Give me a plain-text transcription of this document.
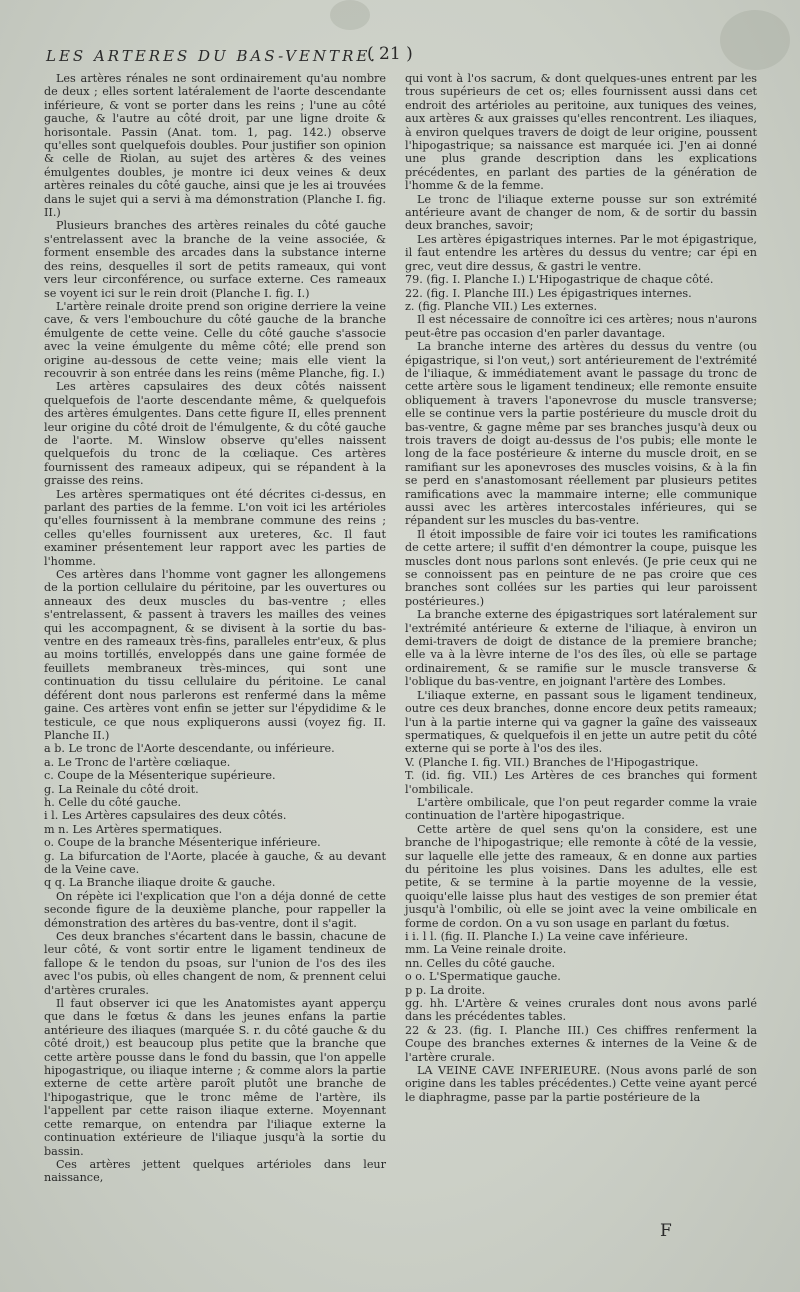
( 21 )
LES ARTERES DU BAS-VENTRE.

Les artères rénales ne sont ordinairement qu'au nombre de deux ; elles sortent latéralement de l'aorte descendante inférieure, & vont se porter dans les reins ; l'une au côté gauche, & l'autre au côté droit, par une ligne droite & horisontale. Passin (Anat. tom. 1, pag. 142.) observe qu'elles sont quelquefois doubles. Pour justifier son opinion & celle de Riolan, au sujet des artères & des veines émulgentes doubles, je montre ici deux veines & deux artères reinales du côté gauche, ainsi que je les ai trouvées dans le sujet qui a servi à ma démonstration (Planche I. fig. II.)

Plusieurs branches des artères reinales du côté gauche s'entrelassent avec la branche de la veine associée, & forment ensemble des arcades dans la substance interne des reins, desquelles il sort de petits rameaux, qui vont vers leur circonférence, ou surface externe. Ces rameaux se voyent ici sur le rein droit (Planche I. fig. I.)

L'artère reinale droite prend son origine derriere la veine cave, & vers l'embouchure du côté gauche de la branche émulgente de cette veine. Celle du côté gauche s'associe avec la veine émulgente du même côté; elle prend son origine au-dessous de cette veine; mais elle vient la recouvrir à son entrée dans les reins (même Planche, fig. I.)

Les artères capsulaires des deux côtés naissent quelquefois de l'aorte descendante même, & quelquefois des artères émulgentes. Dans cette figure II, elles prennent leur origine du côté droit de l'émulgente, & du côté gauche de l'aorte. M. Winslow observe qu'elles naissent quelquefois du tronc de la cœliaque. Ces artères fournissent des rameaux adipeux, qui se répandent à la graisse des reins.

Les artères spermatiques ont été décrites ci-dessus, en parlant des parties de la femme. L'on voit ici les artérioles qu'elles fournissent à la membrane commune des reins ; celles qu'elles fournissent aux ureteres, &c. Il faut examiner présentement leur rapport avec les parties de l'homme.

Ces artères dans l'homme vont gagner les allongemens de la portion cellulaire du péritoine, par les ouvertures ou anneaux des deux muscles du bas-ventre ; elles s'entrelassent, & passent à travers les mailles des veines qui les accompagnent, & se divisent à la sortie du bas-ventre en des rameaux très-fins, paralleles entr'eux, & plus au moins tortillés, enveloppés dans une gaine formée de feuillets membraneux très-minces, qui sont une continuation du tissu cellulaire du péritoine. Le canal déférent dont nous parlerons est renfermé dans la même gaine. Ces artères vont enfin se jetter sur l'épydidime & le testicule, ce que nous expliquerons aussi (voyez fig. II. Planche II.)

a b. Le tronc de l'Aorte descendante, ou inférieure.

a. Le Tronc de l'artère cœliaque.

c. Coupe de la Mésenterique supérieure.

g. La Reinale du côté droit.

h. Celle du côté gauche.

i l. Les Artères capsulaires des deux côtés.

m n. Les Artères spermatiques.

o. Coupe de la branche Mésenterique inférieure.

g. La bifurcation de l'Aorte, placée à gauche, & au devant de la Veine cave.

q q. La Branche iliaque droite & gauche.

On répète ici l'explication que l'on a déja donné de cette seconde figure de la deuxième planche, pour rappeller la démonstration des artères du bas-ventre, dont il s'agit.

Ces deux branches s'écartent dans le bassin, chacune de leur côté, & vont sortir entre le ligament tendineux de fallope & le tendon du psoas, sur l'union de l'os des iles avec l'os pubis, où elles changent de nom, & prennent celui d'artères crurales.

Il faut observer ici que les Anatomistes ayant apperçu que dans le fœtus & dans les jeunes enfans la partie antérieure des iliaques (marquée S. r. du côté gauche & du côté droit,) est beaucoup plus petite que la branche que cette artère pousse dans le fond du bassin, que l'on appelle hipogastrique, ou iliaque interne ; & comme alors la partie externe de cette artère paroît plutôt une branche de l'hipogastrique, que le tronc même de l'artère, ils l'appellent par cette raison iliaque externe. Moyennant cette remarque, on entendra par l'iliaque externe la continuation extérieure de l'iliaque jusqu'à la sortie du bassin.

Ces artères jettent quelques artérioles dans leur naissance,

qui vont à l'os sacrum, & dont quelques-unes entrent par les trous supérieurs de cet os; elles fournissent aussi dans cet endroit des artérioles au peritoine, aux tuniques des veines, aux artères & aux graisses qu'elles rencontrent. Les iliaques, à environ quelques travers de doigt de leur origine, poussent l'hipogastrique; sa naissance est marquée ici. J'en ai donné une plus grande description dans les explications précédentes, en parlant des parties de la génération de l'homme & de la femme.

Le tronc de l'iliaque externe pousse sur son extrémité antérieure avant de changer de nom, & de sortir du bassin deux branches, savoir;

Les artères épigastriques internes. Par le mot épigastrique, il faut entendre les artères du dessus du ventre; car épi en grec, veut dire dessus, & gastri le ventre.

79. (fig. I. Planche I.) L'Hipogastrique de chaque côté.

22. (fig. I. Planche III.) Les épigastriques internes.

z. (fig. Planche VII.) Les externes.

Il est nécessaire de connoître ici ces artères; nous n'aurons peut-être pas occasion d'en parler davantage.

La branche interne des artères du dessus du ventre (ou épigastrique, si l'on veut,) sort antérieurement de l'extrémité de l'iliaque, & immédiatement avant le passage du tronc de cette artère sous le ligament tendineux; elle remonte ensuite obliquement à travers l'aponevrose du muscle transverse; elle se continue vers la partie postérieure du muscle droit du bas-ventre, & gagne même par ses branches jusqu'à deux ou trois travers de doigt au-dessus de l'os pubis; elle monte le long de la face postérieure & interne du muscle droit, en se ramifiant sur les aponevroses des muscles voisins, & à la fin se perd en s'anastomosant réellement par plusieurs petites ramifications avec la mammaire interne; elle communique aussi avec les artères intercostales inférieures, qui se répandent sur les muscles du bas-ventre.

Il étoit impossible de faire voir ici toutes les ramifications de cette artere; il suffit d'en démontrer la coupe, puisque les muscles dont nous parlons sont enlevés. (Je prie ceux qui ne se connoissent pas en peinture de ne pas croire que ces branches sont collées sur les parties qui leur paroissent postérieures.)

La branche externe des épigastriques sort latéralement sur l'extrémité antérieure & externe de l'iliaque, à environ un demi-travers de doigt de distance de la premiere branche; elle va à la lèvre interne de l'os des îles, où elle se partage ordinairement, & se ramifie sur le muscle transverse & l'oblique du bas-ventre, en joignant l'artère des Lombes.

L'iliaque externe, en passant sous le ligament tendineux, outre ces deux branches, donne encore deux petits rameaux; l'un à la partie interne qui va gagner la gaîne des vaisseaux spermatiques, & quelquefois il en jette un autre petit du côté externe qui se porte à l'os des iles.

V. (Planche I. fig. VII.) Branches de l'Hipogastrique.

T. (id. fig. VII.) Les Artères de ces branches qui forment l'ombilicale.

L'artère ombilicale, que l'on peut regarder comme la vraie continuation de l'artère hipogastrique.

Cette artère de quel sens qu'on la considere, est une branche de l'hipogastrique; elle remonte à côté de la vessie, sur laquelle elle jette des rameaux, & en donne aux parties du péritoine les plus voisines. Dans les adultes, elle est petite, & se termine à la partie moyenne de la vessie, quoiqu'elle laisse plus haut des vestiges de son premier état jusqu'à l'ombilic, où elle se joint avec la veine ombilicale en forme de cordon. On a vu son usage en parlant du fœtus.

i i. l l. (fig. II. Planche I.) La veine cave inférieure.

mm. La Veine reinale droite.

nn. Celles du côté gauche.

o o. L'Spermatique gauche.

p p. La droite.

gg. hh. L'Artère & veines crurales dont nous avons parlé dans les précédentes tables.

22 & 23. (fig. I. Planche III.) Ces chiffres renferment la Coupe des branches externes & internes de la Veine & de l'artère crurale.

LA VEINE CAVE INFERIEURE. (Nous avons parlé de son origine dans les tables précédentes.) Cette veine ayant percé le diaphragme, passe par la partie postérieure de la

F
